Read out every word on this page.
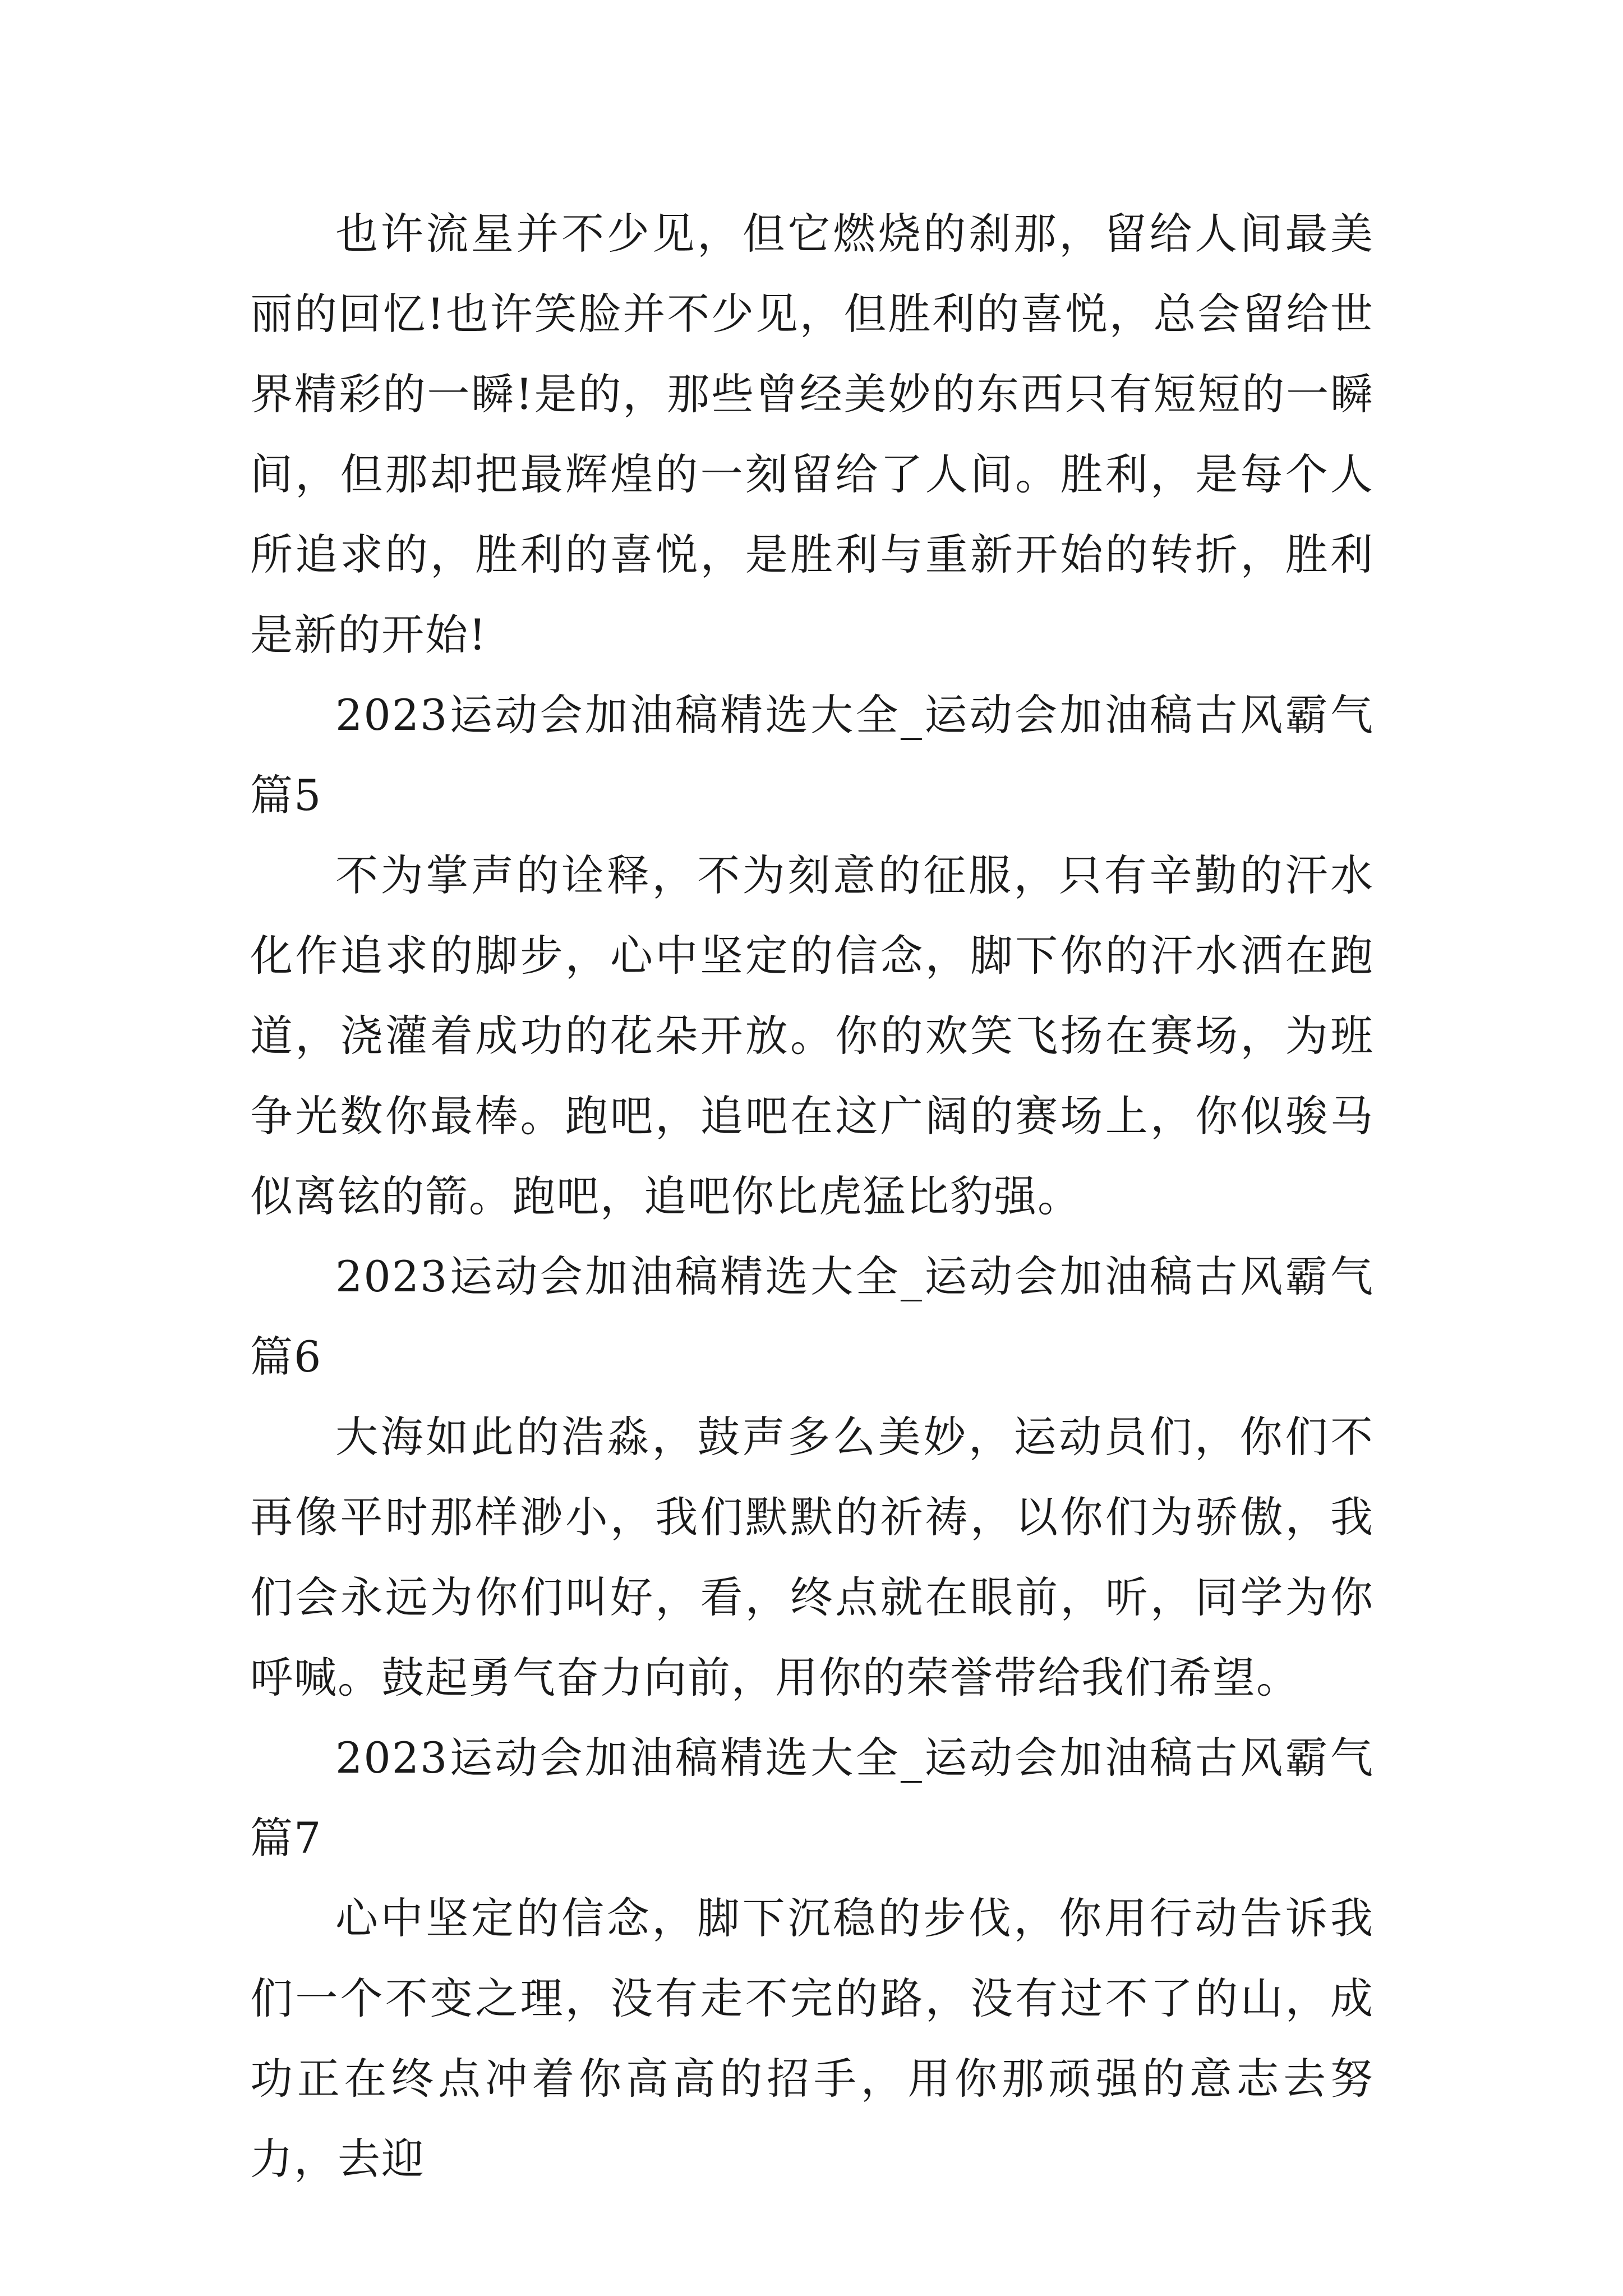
也许流星并不少见，但它燃烧的刹那，留给人间最美丽的回忆!也许笑脸并不少见，但胜利的喜悦，总会留给世界精彩的一瞬!是的，那些曾经美妙的东西只有短短的一瞬间，但那却把最辉煌的一刻留给了人间。胜利，是每个人所追求的，胜利的喜悦，是胜利与重新开始的转折，胜利是新的开始!

2023运动会加油稿精选大全_运动会加油稿古风霸气篇5

不为掌声的诠释，不为刻意的征服，只有辛勤的汗水化作追求的脚步，心中坚定的信念，脚下你的汗水洒在跑道，浇灌着成功的花朵开放。你的欢笑飞扬在赛场，为班争光数你最棒。跑吧，追吧在这广阔的赛场上，你似骏马似离铉的箭。跑吧，追吧你比虎猛比豹强。

2023运动会加油稿精选大全_运动会加油稿古风霸气篇6

大海如此的浩淼，鼓声多么美妙，运动员们，你们不再像平时那样渺小，我们默默的祈祷，以你们为骄傲，我们会永远为你们叫好，看，终点就在眼前，听，同学为你呼喊。鼓起勇气奋力向前，用你的荣誉带给我们希望。

2023运动会加油稿精选大全_运动会加油稿古风霸气篇7

心中坚定的信念，脚下沉稳的步伐，你用行动告诉我们一个不变之理，没有走不完的路，没有过不了的山，成功正在终点冲着你高高的招手，用你那顽强的意志去努力，去迎
